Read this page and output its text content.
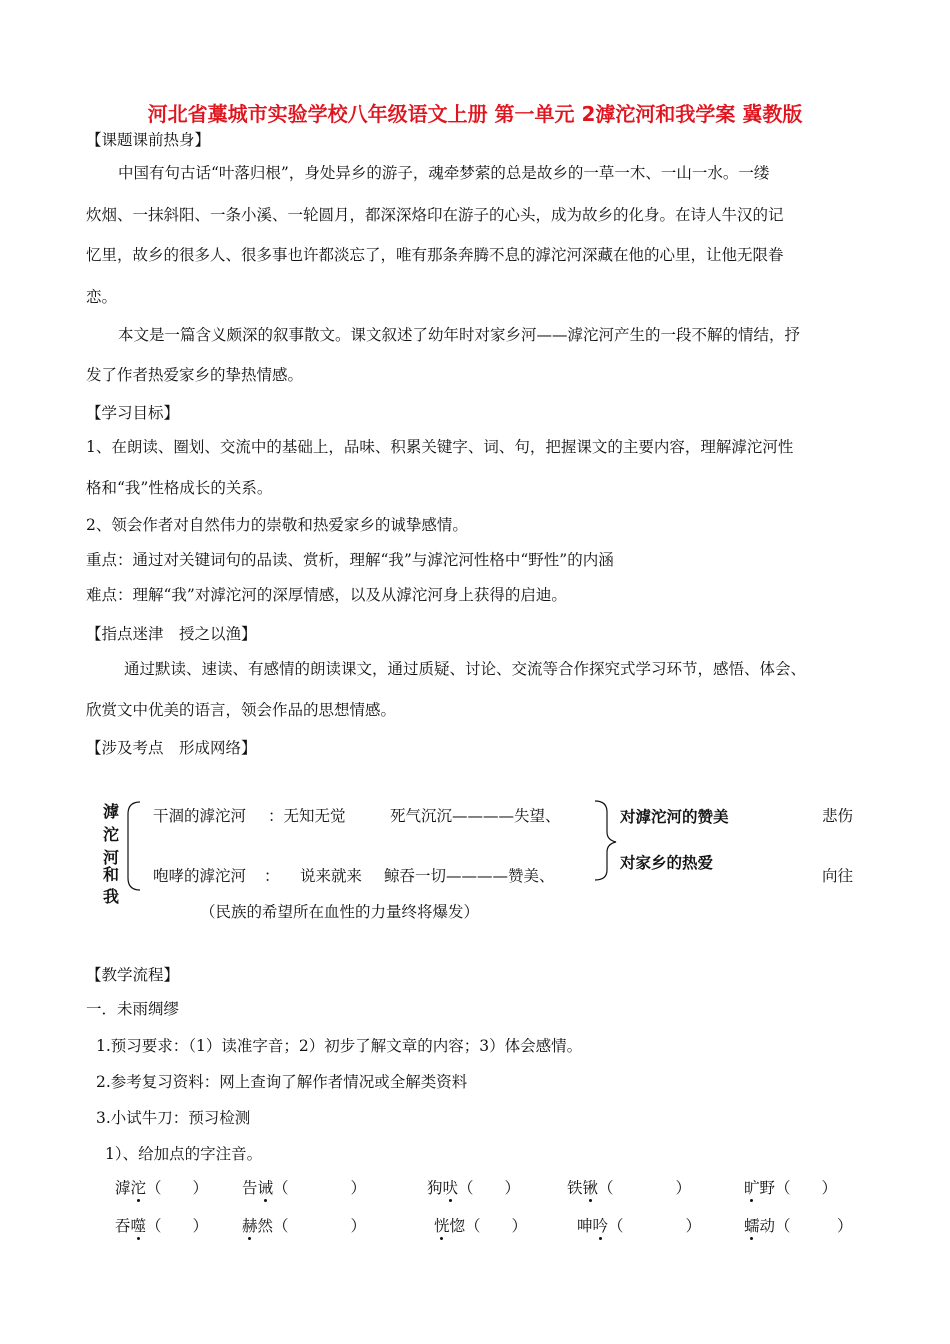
河北省藁城市实验学校八年级语文上册 第一单元 2滹沱河和我学案 冀教版
【课题课前热身】
中国有句古话“叶落归根”，身处异乡的游子，魂牵梦萦的总是故乡的一草一木、一山一水。一缕
炊烟、一抹斜阳、一条小溪、一轮圆月，都深深烙印在游子的心头，成为故乡的化身。在诗人牛汉的记
忆里，故乡的很多人、很多事也许都淡忘了，唯有那条奔腾不息的滹沱河深藏在他的心里，让他无限眷
恋。
本文是一篇含义颇深的叙事散文。课文叙述了幼年时对家乡河——滹沱河产生的一段不解的情结，抒
发了作者热爱家乡的挚热情感。
【学习目标】
1、在朗读、圈划、交流中的基础上，品味、积累关键字、词、句，把握课文的主要内容，理解滹沱河性
格和“我”性格成长的关系。
2、领会作者对自然伟力的崇敬和热爱家乡的诚挚感情。
重点：通过对关键词句的品读、赏析，理解“我”与滹沱河性格中“野性”的内涵
难点：理解“我”对滹沱河的深厚情感，以及从滹沱河身上获得的启迪。
【指点迷津　授之以渔】
通过默读、速读、有感情的朗读课文，通过质疑、讨论、交流等合作探究式学习环节，感悟、体会、
欣赏文中优美的语言，领会作品的思想情感。
【涉及考点　形成网络】
滹
沱
河
和
我
干涸的滹沱河 ：无知无觉	死气沉沉————失望、
咆哮的滹沱河 ： 说来就来 鲸吞一切————赞美、
（民族的希望所在血性的力量终将爆发）
对滹沱河的赞美
对家乡的热爱
悲伤
向往
【教学流程】
一．未雨绸缪
1.预习要求：（1）读准字音；2）初步了解文章的内容；3）体会感情。
2.参考复习资料：网上查询了解作者情况或全解类资料
3.小试牛刀：预习检测
1）、给加点的字注音。
滹沱（　　） 告诫（　　　　）	狗吠（　　）	铁锹（　　　　）	旷野（　　）
吞噬（　　） 赫然（　　　　）	恍惚（　　）	呻吟（　　　　）	蠕动（　　　）
